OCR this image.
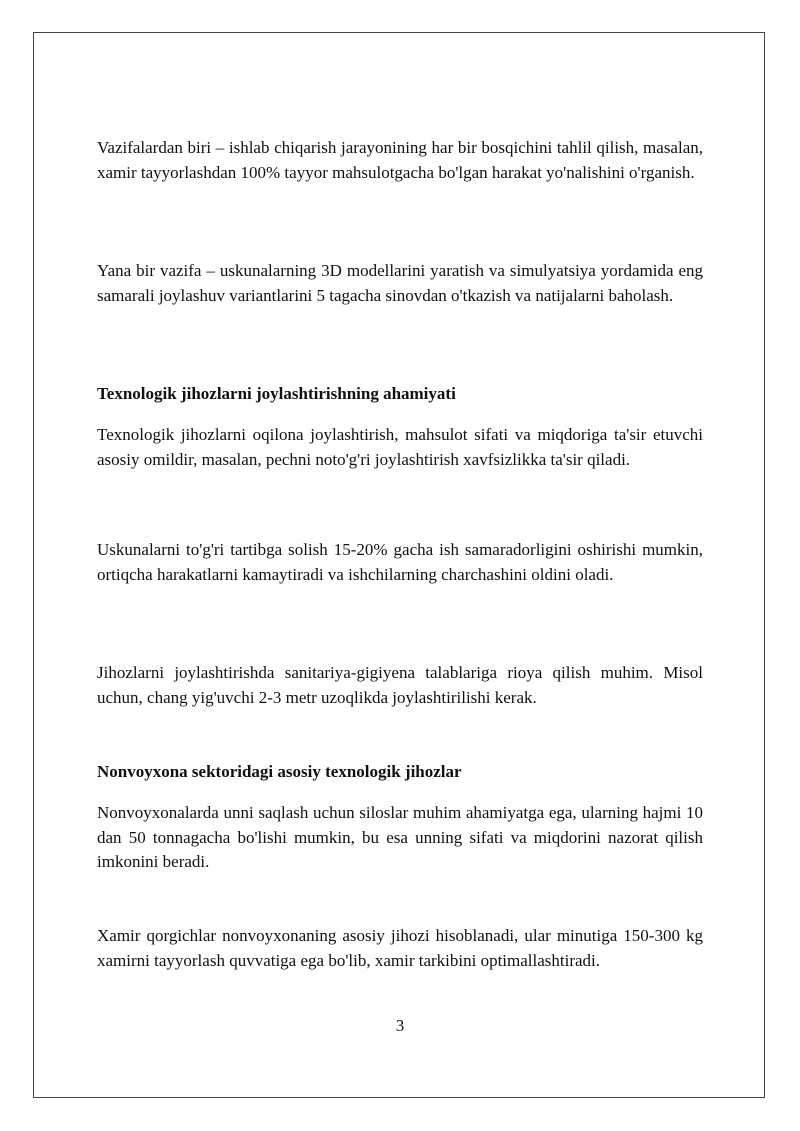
Vazifalardan biri – ishlab chiqarish jarayonining har bir bosqichini tahlil qilish, masalan, xamir tayyorlashdan 100% tayyor mahsulotgacha bo'lgan harakat yo'nalishini o'rganish.

Yana bir vazifa – uskunalarning 3D modellarini yaratish va simulyatsiya yordamida eng samarali joylashuv variantlarini 5 tagacha sinovdan o'tkazish va natijalarni baholash.

Texnologik jihozlarni joylashtirishning ahamiyati

Texnologik jihozlarni oqilona joylashtirish, mahsulot sifati va miqdoriga ta'sir etuvchi asosiy omildir, masalan, pechni noto'g'ri joylashtirish xavfsizlikka ta'sir qiladi.

Uskunalarni to'g'ri tartibga solish 15-20% gacha ish samaradorligini oshirishi mumkin, ortiqcha harakatlarni kamaytiradi va ishchilarning charchashini oldini oladi.

Jihozlarni joylashtirishda sanitariya-gigiyena talablariga rioya qilish muhim. Misol uchun, chang yig'uvchi 2-3 metr uzoqlikda joylashtirilishi kerak.

Nonvoyxona sektoridagi asosiy texnologik jihozlar

Nonvoyxonalarda unni saqlash uchun siloslar muhim ahamiyatga ega, ularning hajmi 10 dan 50 tonnagacha bo'lishi mumkin, bu esa unning sifati va miqdorini nazorat qilish imkonini beradi.

Xamir qorgichlar nonvoyxonaning asosiy jihozi hisoblanadi, ular minutiga 150-300 kg xamirni tayyorlash quvvatiga ega bo'lib, xamir tarkibini optimallashtiradi.

3
